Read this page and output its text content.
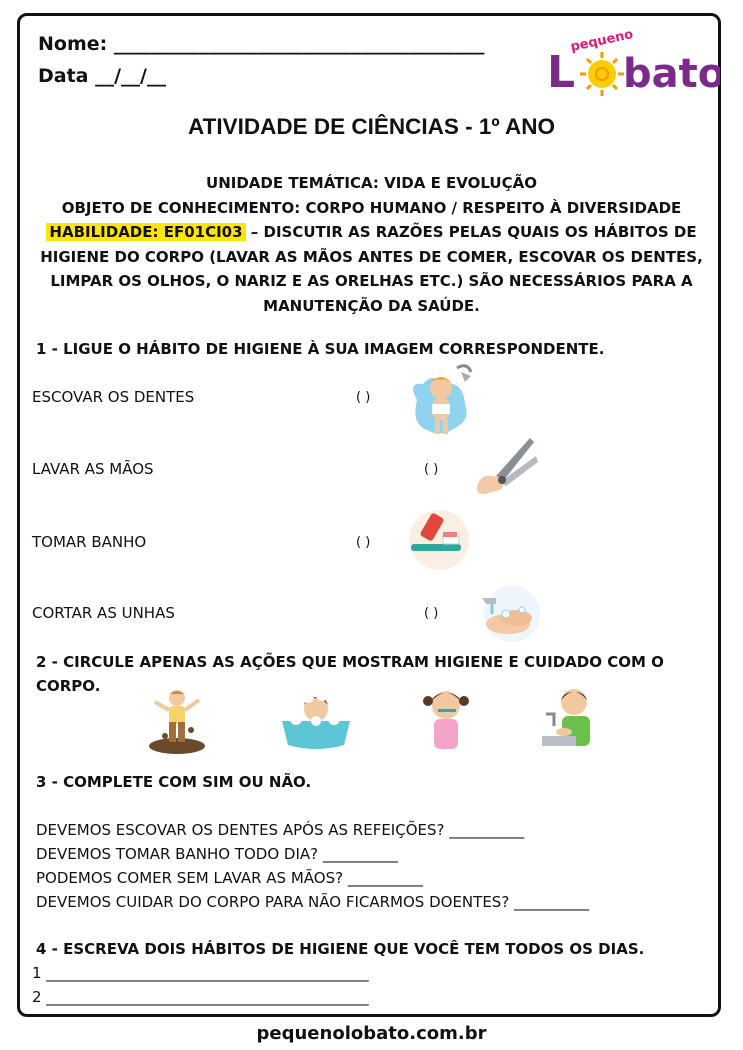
Nome: _______________________________________
Data __/__/__
pequeno
L bato
ATIVIDADE DE CIÊNCIAS - 1º ANO
UNIDADE TEMÁTICA: VIDA E EVOLUÇÃO
OBJETO DE CONHECIMENTO: CORPO HUMANO / RESPEITO À DIVERSIDADE
HABILIDADE: EF01CI03 – DISCUTIR AS RAZÕES PELAS QUAIS OS HÁBITOS DE HIGIENE DO CORPO (LAVAR AS MÃOS ANTES DE COMER, ESCOVAR OS DENTES, LIMPAR OS OLHOS, O NARIZ E AS ORELHAS ETC.) SÃO NECESSÁRIOS PARA A MANUTENÇÃO DA SAÚDE.
1 - LIGUE O HÁBITO DE HIGIENE À SUA IMAGEM CORRESPONDENTE.
ESCOVAR OS DENTES	( )
LAVAR AS MÃOS	( )
TOMAR BANHO	( )
CORTAR AS UNHAS	( )
2 - CIRCULE APENAS AS AÇÕES QUE MOSTRAM HIGIENE E CUIDADO COM O
CORPO.
3 - COMPLETE COM SIM OU NÃO.
DEVEMOS ESCOVAR OS DENTES APÓS AS REFEIÇÕES? __________
DEVEMOS TOMAR BANHO TODO DIA? __________
PODEMOS COMER SEM LAVAR AS MÃOS? __________
DEVEMOS CUIDAR DO CORPO PARA NÃO FICARMOS DOENTES? __________
4 - ESCREVA DOIS HÁBITOS DE HIGIENE QUE VOCÊ TEM TODOS OS DIAS.
1 ___________________________________________
2 ___________________________________________
pequenolobato.com.br
